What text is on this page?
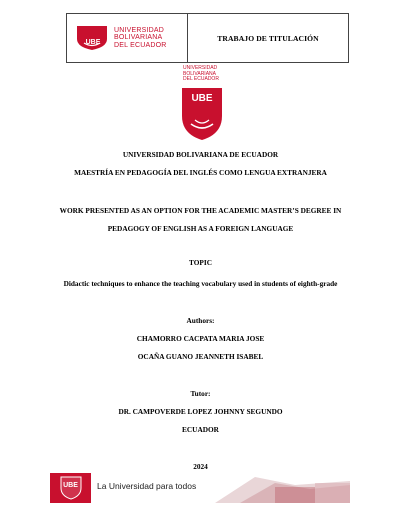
UBE
UNIVERSIDAD
BOLIVARIANA
DEL ECUADOR
TRABAJO DE TITULACIÓN
UNIVERSIDAD
BOLIVARIANA
DEL ECUADOR
UBE
UNIVERSIDAD BOLIVARIANA DE ECUADOR
MAESTRÍA EN PEDAGOGÍA DEL INGLÉS COMO LENGUA EXTRANJERA
WORK PRESENTED AS AN OPTION FOR THE ACADEMIC MASTER’S DEGREE IN
PEDAGOGY OF ENGLISH AS A FOREIGN LANGUAGE
TOPIC
Didactic techniques to enhance the teaching vocabulary used in students of eighth-grade
Authors:
CHAMORRO CACPATA MARIA JOSE
OCAÑA GUANO JEANNETH ISABEL
Tutor:
DR. CAMPOVERDE LOPEZ JOHNNY SEGUNDO
ECUADOR
2024
UBE	La Universidad para todos
